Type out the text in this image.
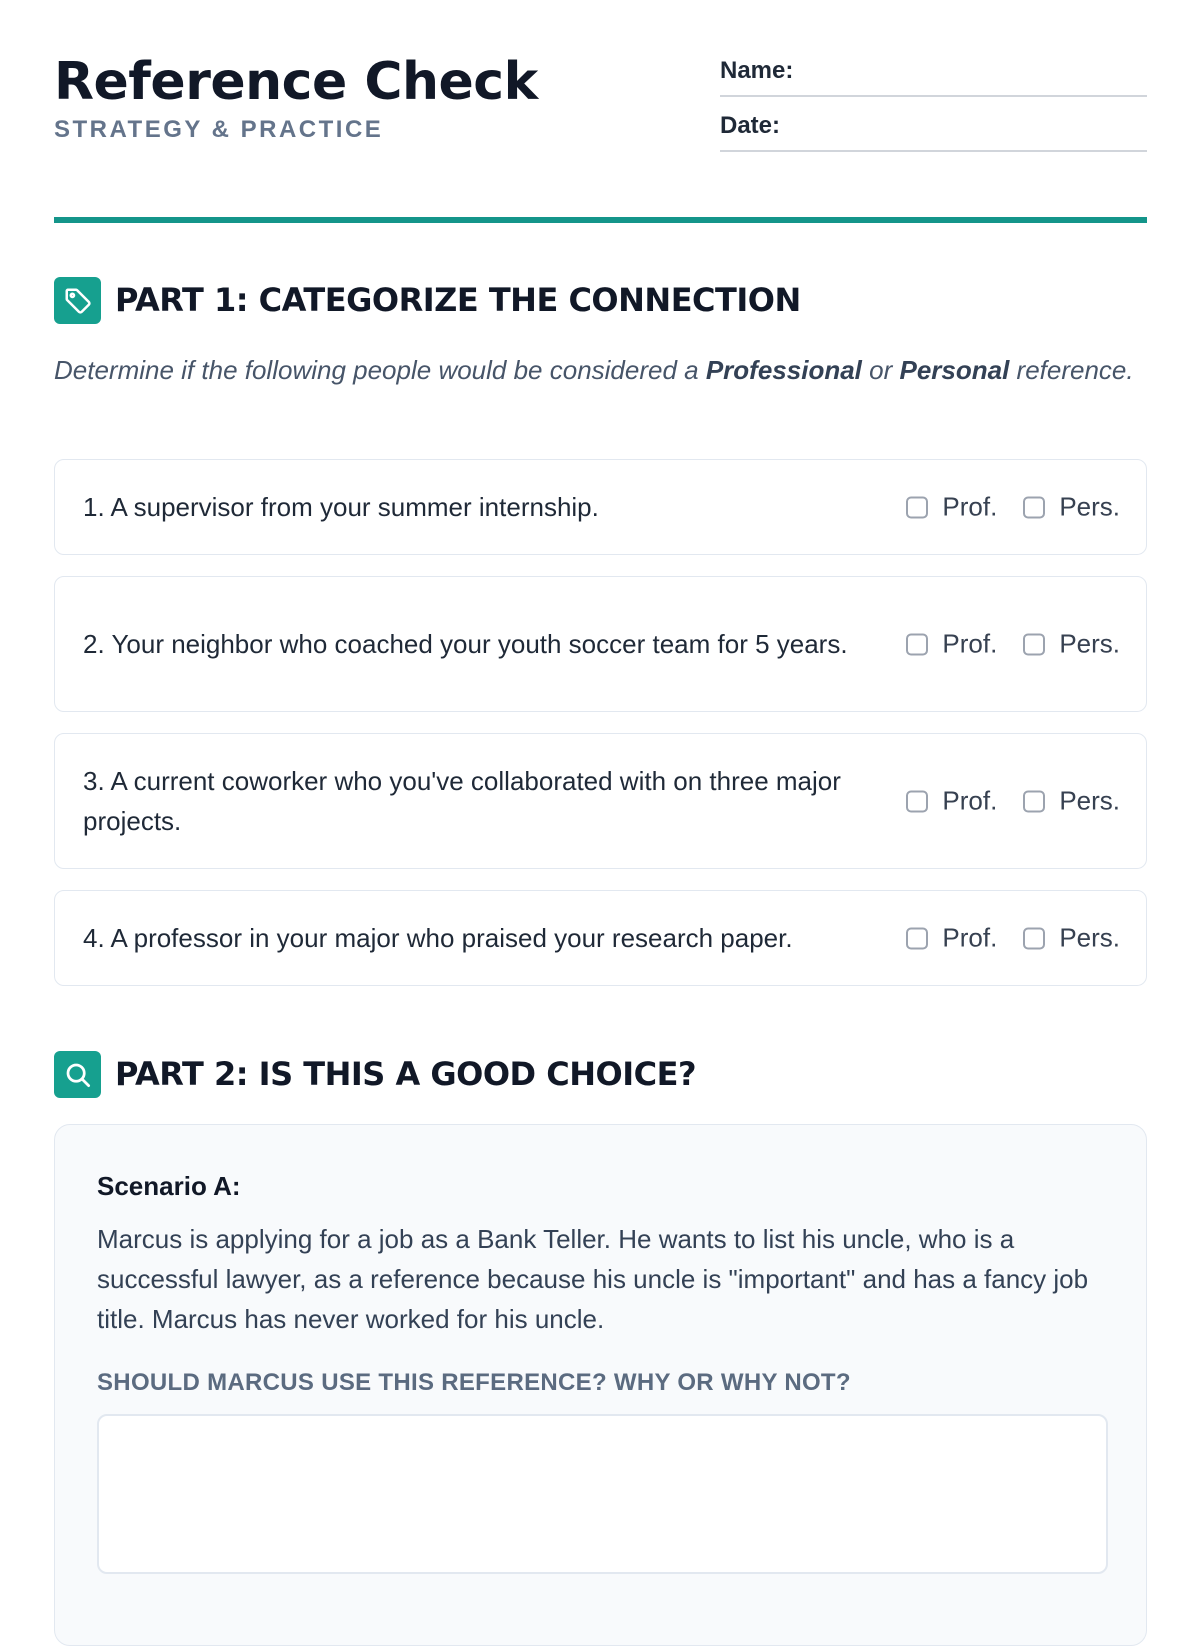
Reference Check
STRATEGY & PRACTICE
Name:
Date:
PART 1: CATEGORIZE THE CONNECTION
Determine if the following people would be considered a Professional or Personal reference.
1. A supervisor from your summer internship.	Prof. Pers.
2. Your neighbor who coached your youth soccer team for 5 years.	Prof. Pers.
3. A current coworker who you've collaborated with on three major projects.
Prof. Pers.
4. A professor in your major who praised your research paper.	Prof. Pers.
PART 2: IS THIS A GOOD CHOICE?
Scenario A:
Marcus is applying for a job as a Bank Teller. He wants to list his uncle, who is a successful lawyer, as a reference because his uncle is "important" and has a fancy job title. Marcus has never worked for his uncle.
SHOULD MARCUS USE THIS REFERENCE? WHY OR WHY NOT?
